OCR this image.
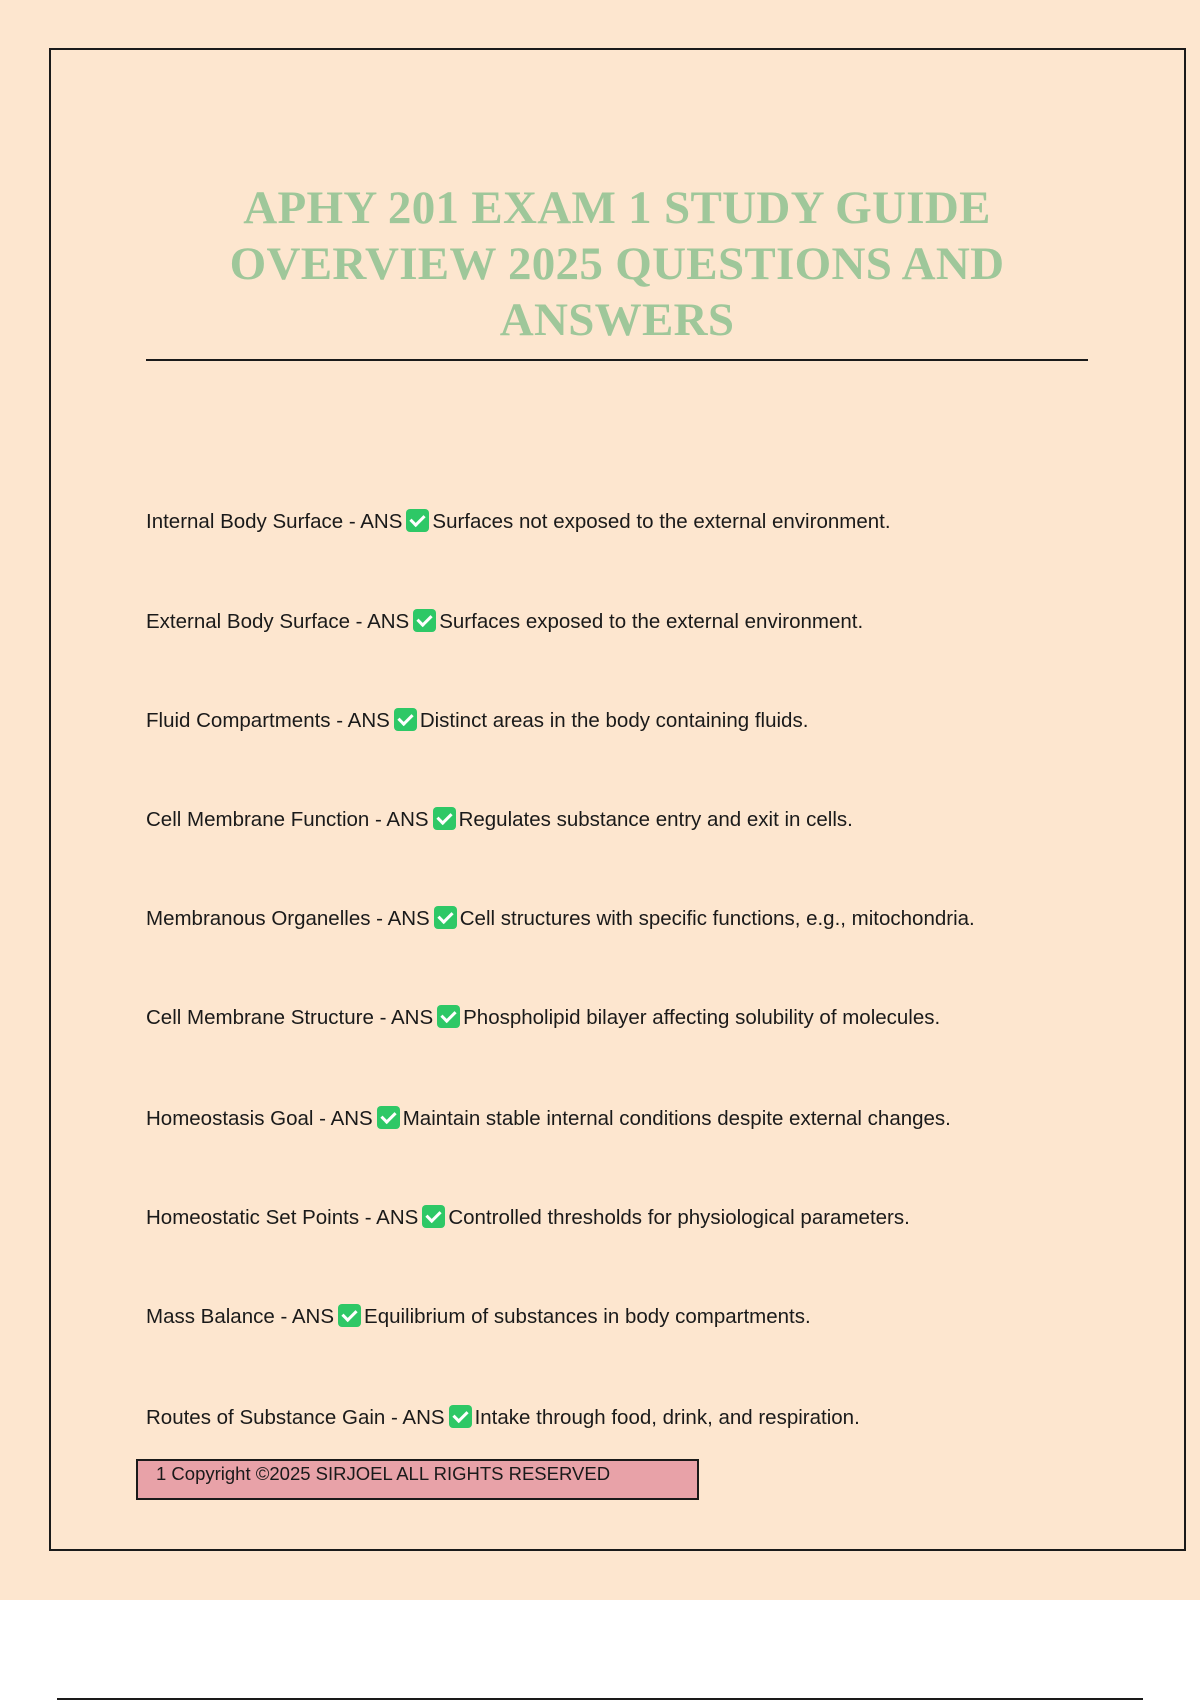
APHY 201 EXAM 1 STUDY GUIDE OVERVIEW 2025 QUESTIONS AND ANSWERS
Internal Body Surface - ANS Surfaces not exposed to the external environment.
External Body Surface - ANS Surfaces exposed to the external environment.
Fluid Compartments - ANS Distinct areas in the body containing fluids.
Cell Membrane Function - ANS Regulates substance entry and exit in cells.
Membranous Organelles - ANS Cell structures with specific functions, e.g., mitochondria.
Cell Membrane Structure - ANS Phospholipid bilayer affecting solubility of molecules.
Homeostasis Goal - ANS Maintain stable internal conditions despite external changes.
Homeostatic Set Points - ANS Controlled thresholds for physiological parameters.
Mass Balance - ANS Equilibrium of substances in body compartments.
Routes of Substance Gain - ANS Intake through food, drink, and respiration.
1 Copyright ©2025 SIRJOEL ALL RIGHTS RESERVED
